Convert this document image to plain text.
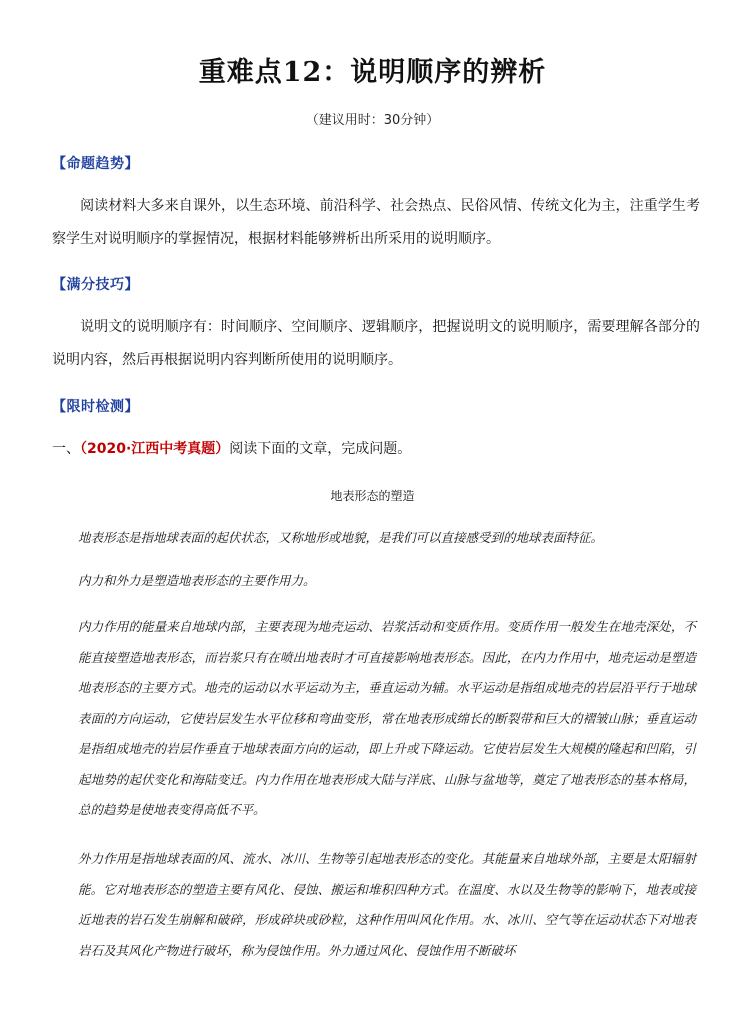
重难点12：说明顺序的辨析
（建议用时：30分钟）
【命题趋势】
阅读材料大多来自课外，以生态环境、前沿科学、社会热点、民俗风情、传统文化为主，注重学生考察学生对说明顺序的掌握情况，根据材料能够辨析出所采用的说明顺序。
【满分技巧】
说明文的说明顺序有：时间顺序、空间顺序、逻辑顺序，把握说明文的说明顺序，需要理解各部分的说明内容，然后再根据说明内容判断所使用的说明顺序。
【限时检测】
一、（2020·江西中考真题）阅读下面的文章，完成问题。
地表形态的塑造
地表形态是指地球表面的起伏状态，又称地形或地貌，是我们可以直接感受到的地球表面特征。
内力和外力是塑造地表形态的主要作用力。
内力作用的能量来自地球内部，主要表现为地壳运动、岩浆活动和变质作用。变质作用一般发生在地壳深处，不能直接塑造地表形态，而岩浆只有在喷出地表时才可直接影响地表形态。因此，在内力作用中，地壳运动是塑造地表形态的主要方式。地壳的运动以水平运动为主，垂直运动为辅。水平运动是指组成地壳的岩层沿平行于地球表面的方向运动，它使岩层发生水平位移和弯曲变形，常在地表形成绵长的断裂带和巨大的褶皱山脉；垂直运动是指组成地壳的岩层作垂直于地球表面方向的运动，即上升或下降运动。它使岩层发生大规模的隆起和凹陷，引起地势的起伏变化和海陆变迁。内力作用在地表形成大陆与洋底、山脉与盆地等，奠定了地表形态的基本格局，总的趋势是使地表变得高低不平。
外力作用是指地球表面的风、流水、冰川、生物等引起地表形态的变化。其能量来自地球外部，主要是太阳辐射能。它对地表形态的塑造主要有风化、侵蚀、搬运和堆积四种方式。在温度、水以及生物等的影响下，地表或接近地表的岩石发生崩解和破碎，形成碎块或砂粒，这种作用叫风化作用。水、冰川、空气等在运动状态下对地表岩石及其风化产物进行破坏，称为侵蚀作用。外力通过风化、侵蚀作用不断破坏
